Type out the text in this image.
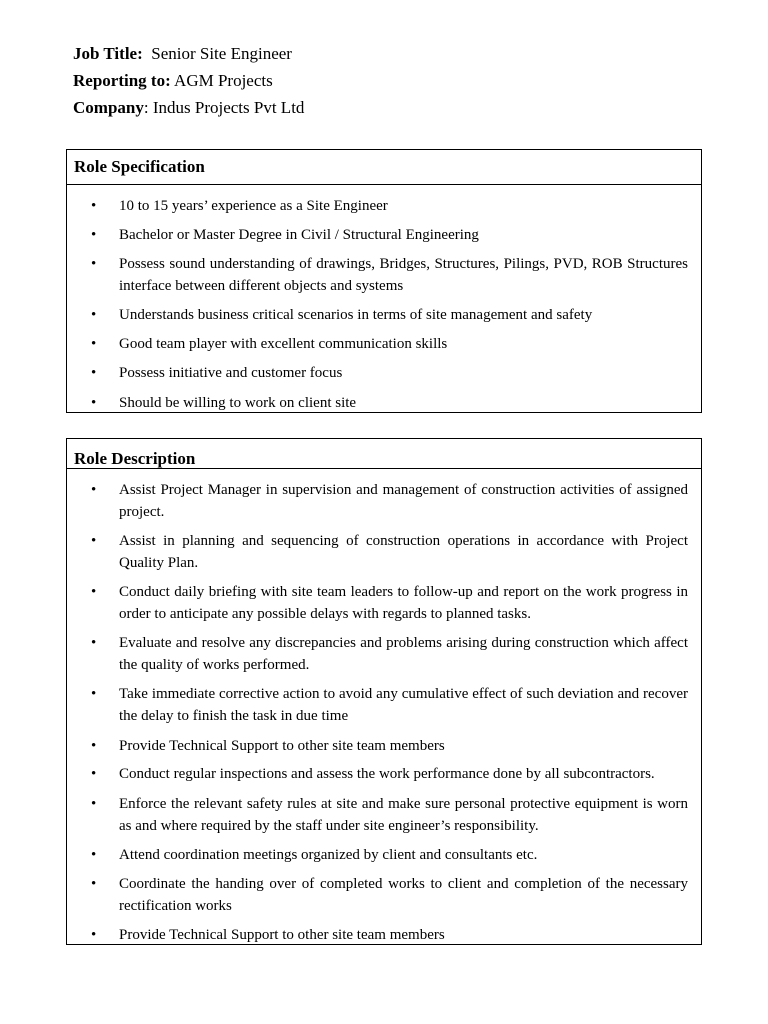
Job Title: Senior Site Engineer
Reporting to: AGM Projects
Company: Indus Projects Pvt Ltd
Role Specification
• 10 to 15 years’ experience as a Site Engineer
• Bachelor or Master Degree in Civil / Structural Engineering
• Possess sound understanding of drawings, Bridges, Structures, Pilings, PVD, ROB Structures interface between different objects and systems
• Understands business critical scenarios in terms of site management and safety
• Good team player with excellent communication skills
• Possess initiative and customer focus
• Should be willing to work on client site
Role Description
• Assist Project Manager in supervision and management of construction activities of assigned project.
• Assist in planning and sequencing of construction operations in accordance with Project Quality Plan.
• Conduct daily briefing with site team leaders to follow-up and report on the work progress in order to anticipate any possible delays with regards to planned tasks.
• Evaluate and resolve any discrepancies and problems arising during construction which affect the quality of works performed.
• Take immediate corrective action to avoid any cumulative effect of such deviation and recover the delay to finish the task in due time
• Provide Technical Support to other site team members
• Conduct regular inspections and assess the work performance done by all subcontractors.
• Enforce the relevant safety rules at site and make sure personal protective equipment is worn as and where required by the staff under site engineer’s responsibility.
• Attend coordination meetings organized by client and consultants etc.
• Coordinate the handing over of completed works to client and completion of the necessary rectification works
• Provide Technical Support to other site team members
